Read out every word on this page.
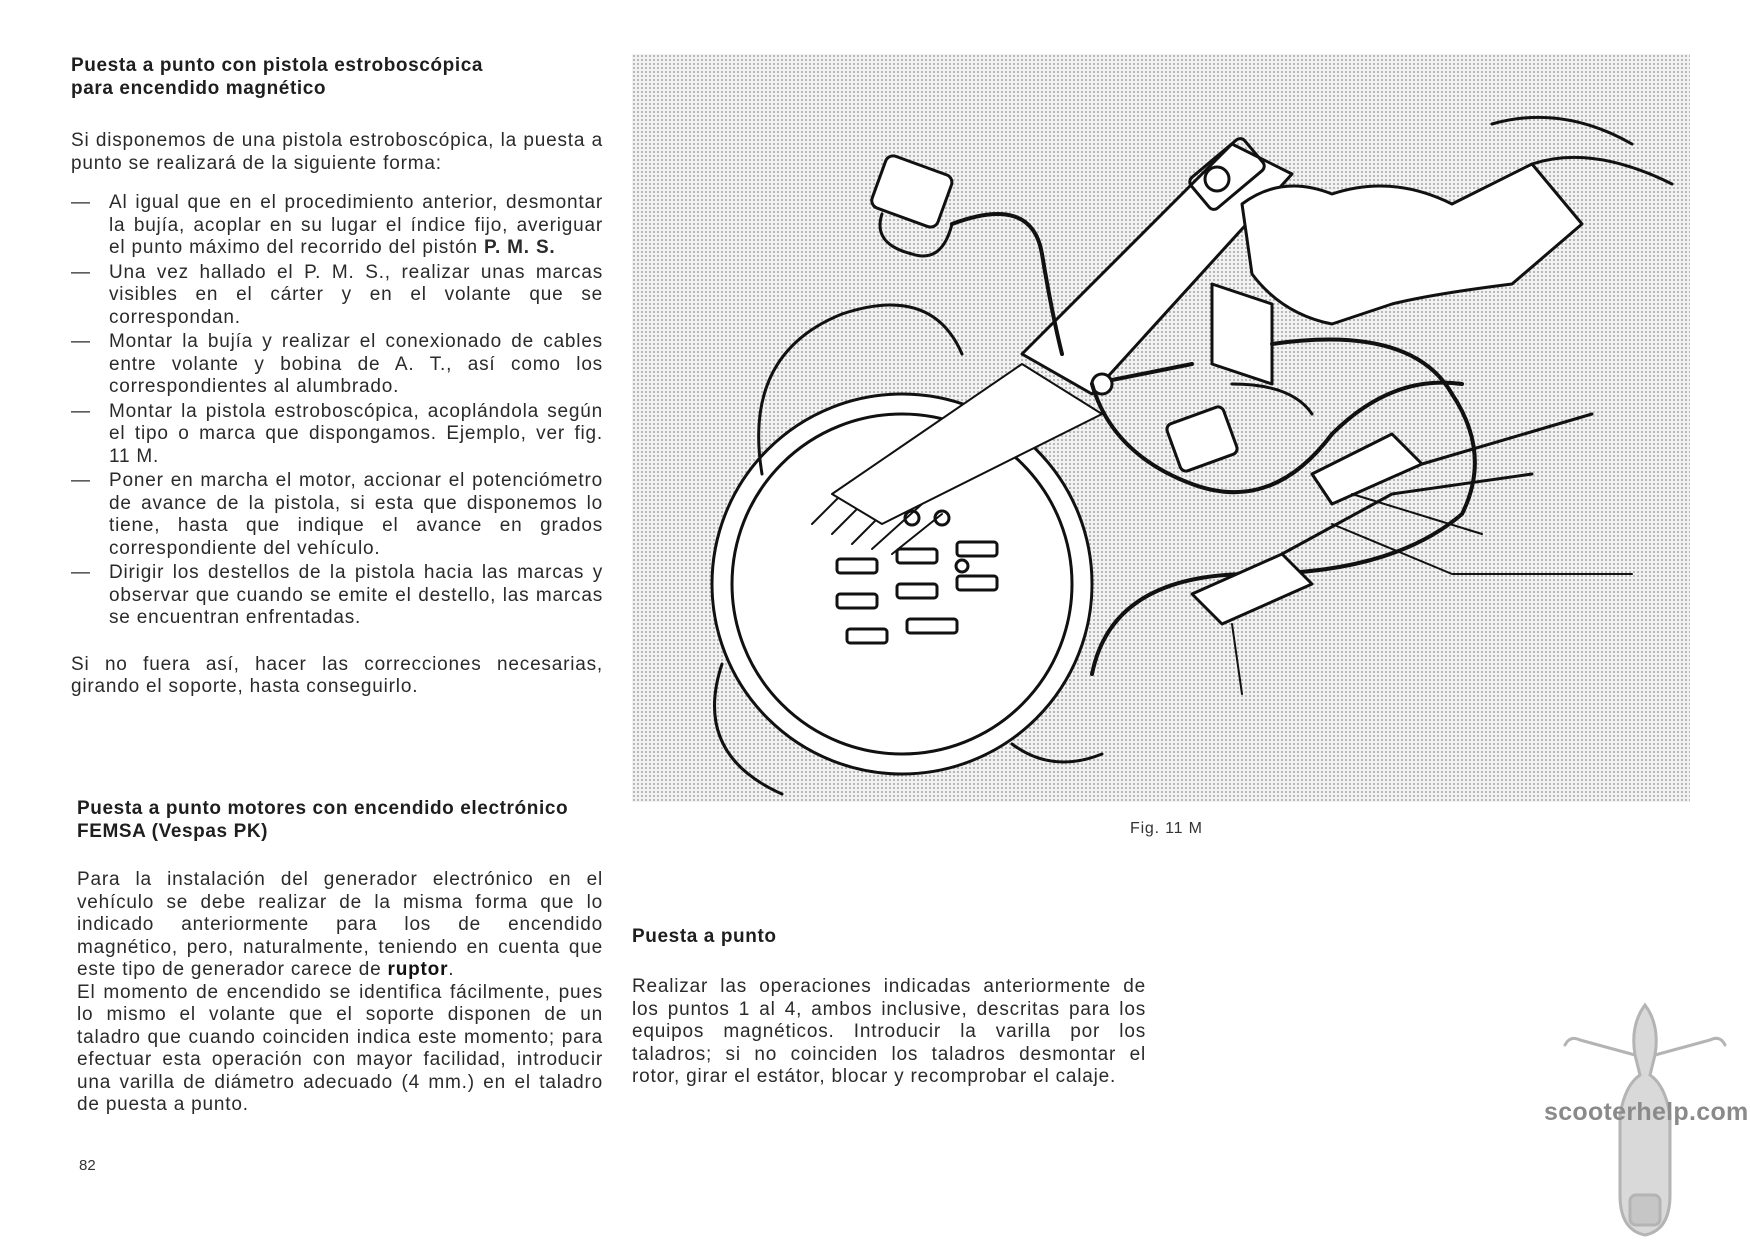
Puesta a punto con pistola estroboscópica
para encendido magnético

Si disponemos de una pistola estroboscópica, la puesta a punto se realizará de la siguiente forma:

— Al igual que en el procedimiento anterior, desmontar la bujía, acoplar en su lugar el índice fijo, averiguar el punto máximo del recorrido del pistón P. M. S.
— Una vez hallado el P. M. S., realizar unas marcas visibles en el cárter y en el volante que se correspondan.
— Montar la bujía y realizar el conexionado de cables entre volante y bobina de A. T., así como los correspondientes al alumbrado.
— Montar la pistola estroboscópica, acoplándola según el tipo o marca que dispongamos. Ejemplo, ver fig. 11 M.
— Poner en marcha el motor, accionar el potenciómetro de avance de la pistola, si esta que disponemos lo tiene, hasta que indique el avance en grados correspondiente del vehículo.
— Dirigir los destellos de la pistola hacia las marcas y observar que cuando se emite el destello, las marcas se encuentran enfrentadas.

Si no fuera así, hacer las correcciones necesarias, girando el soporte, hasta conseguirlo.

Puesta a punto motores con encendido electrónico
FEMSA (Vespas PK)

Para la instalación del generador electrónico en el vehículo se debe realizar de la misma forma que lo indicado anteriormente para los de encendido magnético, pero, naturalmente, teniendo en cuenta que este tipo de generador carece de ruptor.

El momento de encendido se identifica fácilmente, pues lo mismo el volante que el soporte disponen de un taladro que cuando coinciden indica este momento; para efectuar esta operación con mayor facilidad, introducir una varilla de diámetro adecuado (4 mm.) en el taladro de puesta a punto.

82
Fig. 11 M

Puesta a punto

Realizar las operaciones indicadas anteriormente de los puntos 1 al 4, ambos inclusive, descritas para los equipos magnéticos. Introducir la varilla por los taladros; si no coinciden los taladros desmontar el rotor, girar el estátor, blocar y recomprobar el calaje.

scooterhelp.com
